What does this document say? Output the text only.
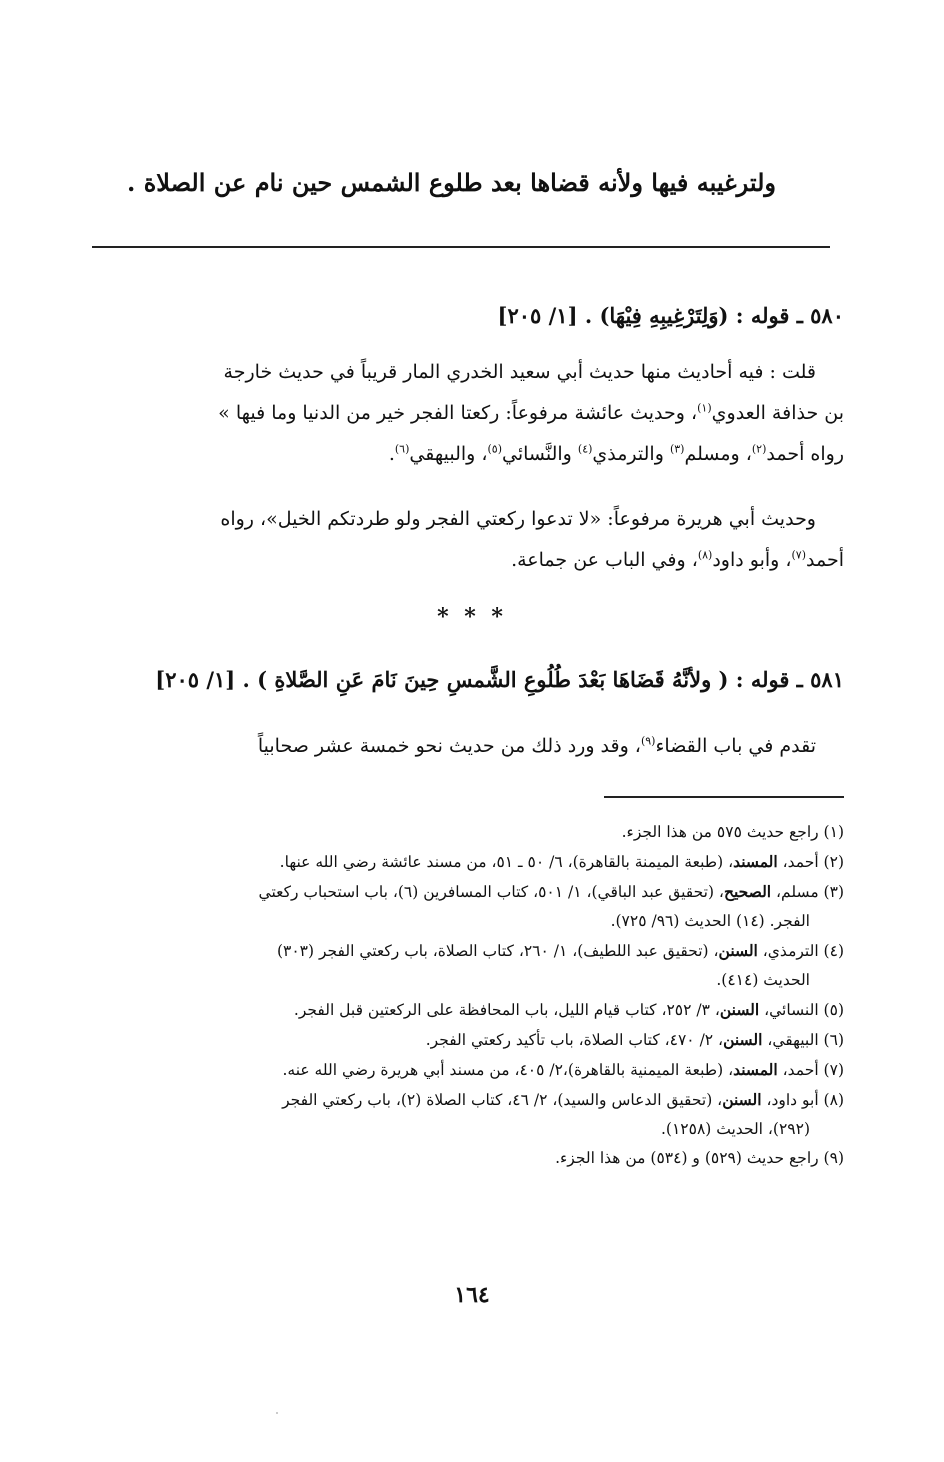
ولترغيبه فيها ولأنه قضاها بعد طلوع الشمس حين نام عن الصلاة .
٥٨٠ ـ قوله : (وَلِتَرْغِيبِهِ فِيْهَا) . [١/ ٢٠٥]
قلت : فيه أحاديث منها حديث أبي سعيد الخدري المار قريباً في حديث خارجة
بن حذافة العدوي$^{(١)}$، وحديث عائشة مرفوعاً: ركعتا الفجر خير من الدنيا وما فيها »
رواه أحمد$^{(٢)}$، ومسلم$^{(٣)}$ والترمذي$^{(٤)}$ والنَّسائي$^{(٥)}$، والبيهقي$^{(٦)}$.
وحديث أبي هريرة مرفوعاً: «لا تدعوا ركعتي الفجر ولو طردتكم الخيل»، رواه
أحمد$^{(٧)}$، وأبو داود$^{(٨)}$، وفي الباب عن جماعة.
* * *
٥٨١ ـ قوله : ( ولأنَّهُ قَضَاهَا بَعْدَ طُلُوعِ الشَّمسِ حِينَ نَامَ عَنِ الصَّلاةِ ) . [١/ ٢٠٥]
تقدم في باب القضاء$^{(٩)}$، وقد ورد ذلك من حديث نحو خمسة عشر صحابياً
(١) راجع حديث ٥٧٥ من هذا الجزء.
(٢) أحمد، المسند، (طبعة الميمنة بالقاهرة)، ٦/ ٥٠ ـ ٥١، من مسند عائشة رضي الله عنها.
(٣) مسلم، الصحيح، (تحقيق عبد الباقي)، ١/ ٥٠١، كتاب المسافرين (٦)، باب استحباب ركعتي
الفجر. (١٤) الحديث (٩٦/ ٧٢٥).
(٤) الترمذي، السنن، (تحقيق عبد اللطيف)، ١/ ٢٦٠، كتاب الصلاة، باب ركعتي الفجر (٣٠٣)
الحديث (٤١٤).
(٥) النسائي، السنن، ٣/ ٢٥٢، كتاب قيام الليل، باب المحافظة على الركعتين قبل الفجر.
(٦) البيهقي، السنن، ٢/ ٤٧٠، كتاب الصلاة، باب تأكيد ركعتي الفجر.
(٧) أحمد، المسند، (طبعة الميمنية بالقاهرة)،٢/ ٤٠٥، من مسند أبي هريرة رضي الله عنه.
(٨) أبو داود، السنن، (تحقيق الدعاس والسيد)، ٢/ ٤٦، كتاب الصلاة (٢)، باب ركعتي الفجر
(٢٩٢)، الحديث (١٢٥٨).
(٩) راجع حديث (٥٢٩) و (٥٣٤) من هذا الجزء.
١٦٤
